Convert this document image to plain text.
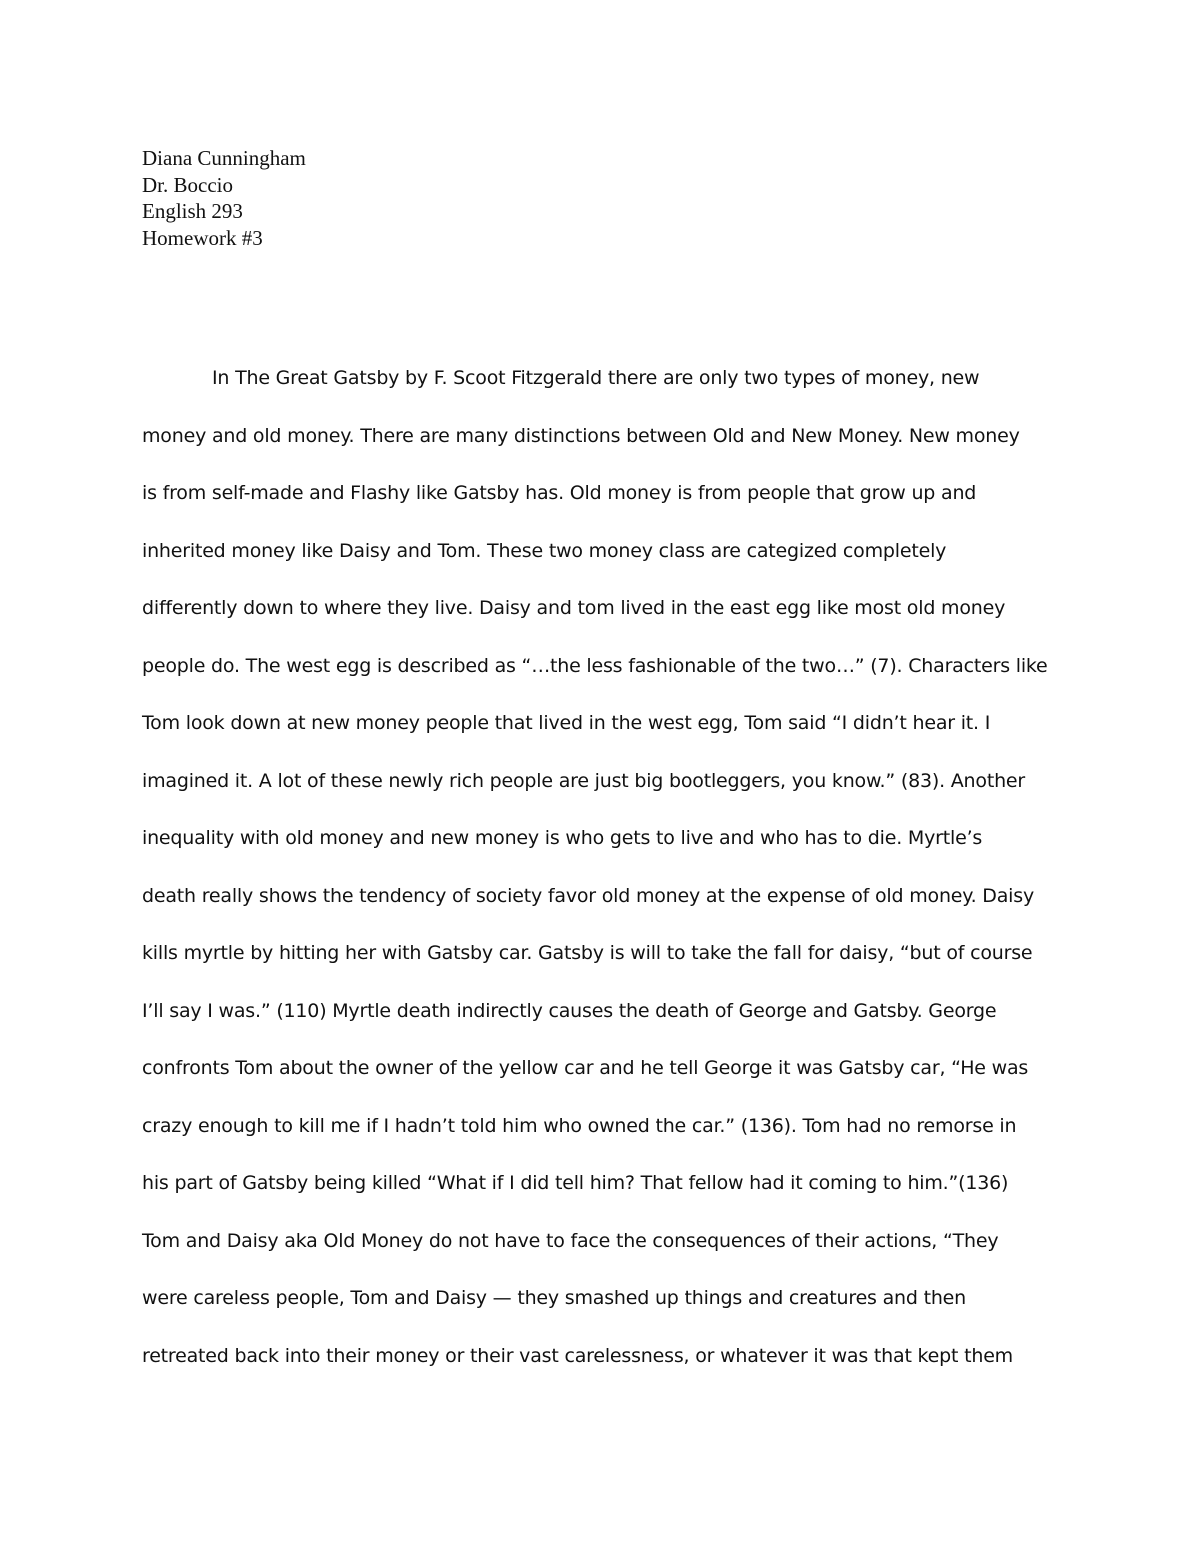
Diana Cunningham
Dr. Boccio
English 293
Homework #3
In The Great Gatsby by F. Scoot Fitzgerald there are only two types of money, new
money and old money. There are many distinctions between Old and New Money. New money
is from self-made and Flashy like Gatsby has. Old money is from people that grow up and
inherited money like Daisy and Tom. These two money class are categized completely
differently down to where they live. Daisy and tom lived in the east egg like most old money
people do. The west egg is described as “…the less fashionable of the two…” (7). Characters like
Tom look down at new money people that lived in the west egg, Tom said “I didn’t hear it. I
imagined it. A lot of these newly rich people are just big bootleggers, you know.” (83). Another
inequality with old money and new money is who gets to live and who has to die. Myrtle’s
death really shows the tendency of society favor old money at the expense of old money. Daisy
kills myrtle by hitting her with Gatsby car. Gatsby is will to take the fall for daisy, “but of course
I’ll say I was.” (110) Myrtle death indirectly causes the death of George and Gatsby. George
confronts Tom about the owner of the yellow car and he tell George it was Gatsby car, “He was
crazy enough to kill me if I hadn’t told him who owned the car.” (136). Tom had no remorse in
his part of Gatsby being killed “What if I did tell him? That fellow had it coming to him.”(136)
Tom and Daisy aka Old Money do not have to face the consequences of their actions, “They
were careless people, Tom and Daisy — they smashed up things and creatures and then
retreated back into their money or their vast carelessness, or whatever it was that kept them
